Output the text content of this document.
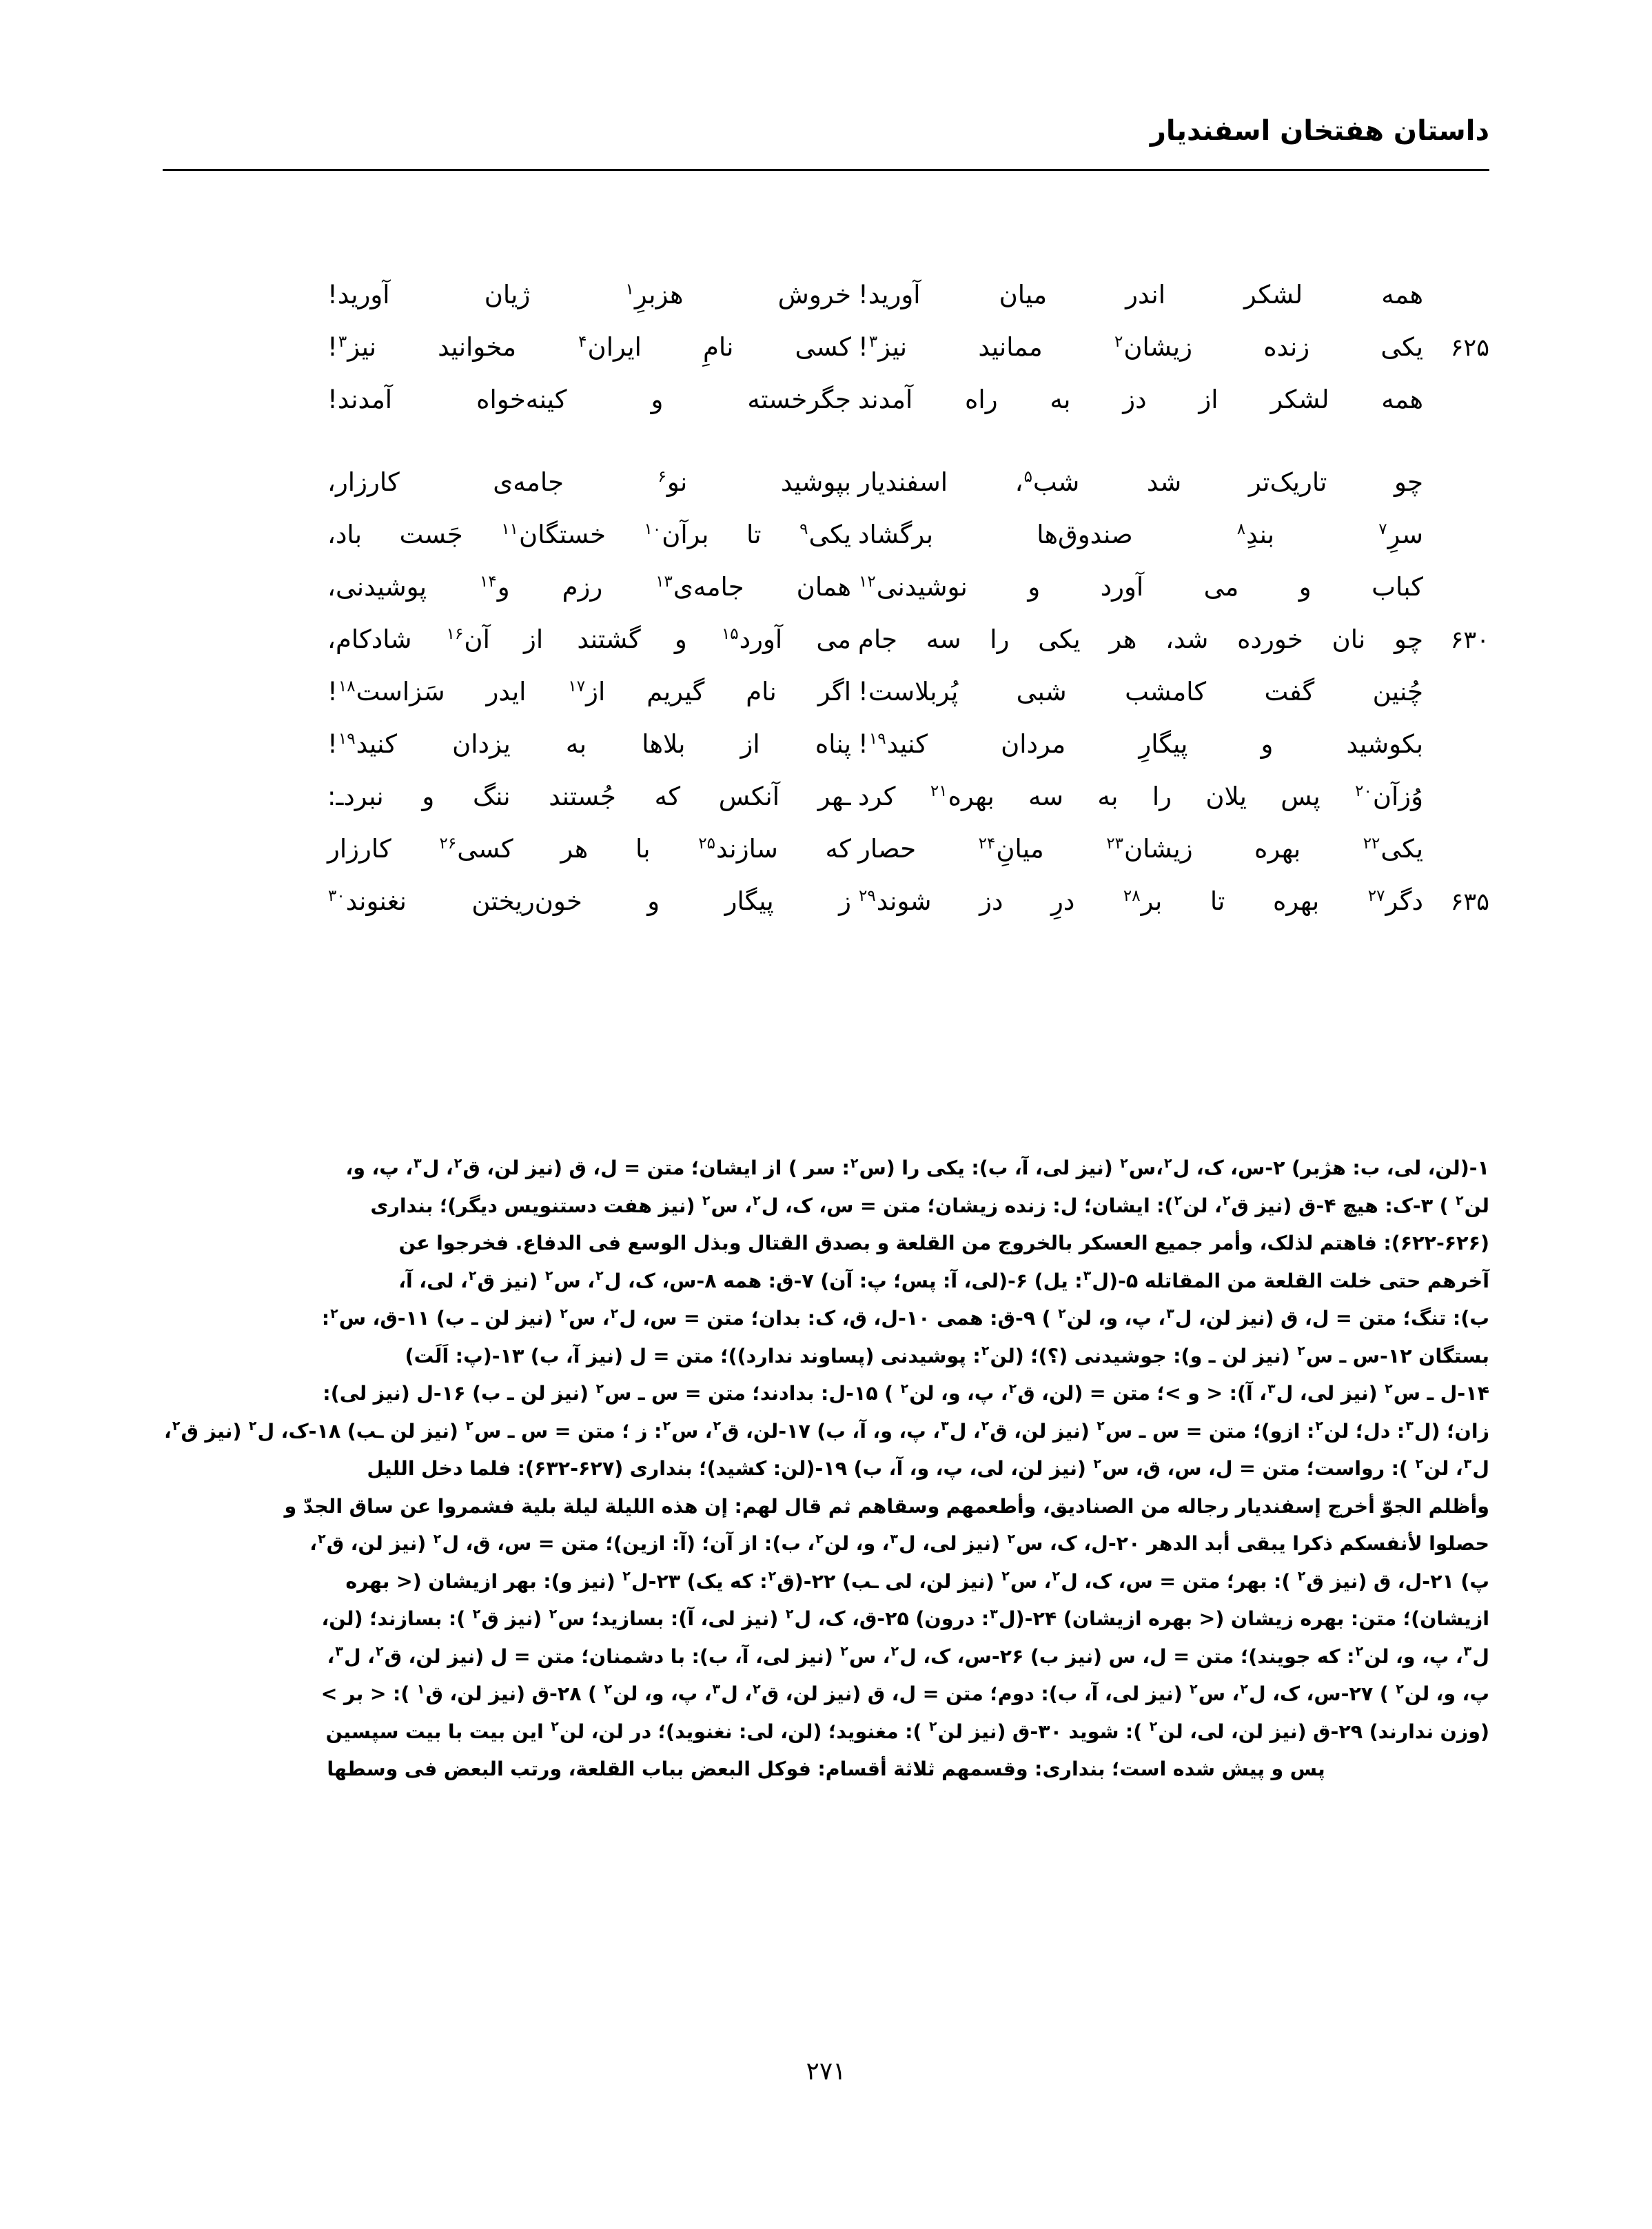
داستان هفتخان اسفندیار
همه لشکر اندر میان آورید!
خروش هزبرِ$^۱$ ژیان آورید!
۶۲۵
یکی زنده زیشان$^۲$ ممانید نیز$^۳$!
کسی نامِ ایران$^۴$ مخوانید نیز$^۳$!
همه لشکر از دز به راه آمدند
جگرخسته و کینه‌خواه آمدند!
چو تاریک‌تر شد شب$^۵$، اسفندیار
بپوشید نو$^۶$ جامه‌ی کارزار،
سرِ$^۷$ بندِ$^۸$ صندوق‌ها برگشاد
یکی$^۹$ تا برآن$^{۱۰}$ خستگان$^{۱۱}$ جَست باد،
کباب و می آورد و نوشیدنی$^{۱۲}$
همان جامه‌ی$^{۱۳}$ رزم و$^{۱۴}$ پوشیدنی،
۶۳۰
چو نان خورده شد، هر یکی را سه جام
می آورد$^{۱۵}$ و گشتند از آن$^{۱۶}$ شادکام،
چُنین گفت کامشب شبی پُربلاست!
اگر نام گیریم از$^{۱۷}$ ایدر سَزاست$^{۱۸}$!
بکوشید و پیگارِ مردان کنید$^{۱۹}$!
پناه از بلاها به یزدان کنید$^{۱۹}$!
وُزآن$^{۲۰}$ پس یلان را به سه بهره$^{۲۱}$ کرد
ـهر آنکس که جُستند ننگ و نبردـ:
یکی$^{۲۲}$ بهره زیشان$^{۲۳}$ میانِ$^{۲۴}$ حصار
که سازند$^{۲۵}$ با هر کسی$^{۲۶}$ کارزار
۶۳۵
دگر$^{۲۷}$ بهره تا بر$^{۲۸}$ درِ دز شوند$^{۲۹}$
ز پیگار و خون‌ریختن نغنوند$^{۳۰}$
۱-(لن، لی، ب: هژبر) ۲-س، ک، ل$^۲$،س$^۲$ (نیز لی، آ، ب): یکی را (س$^۲$: سر ) از ایشان؛ متن = ل، ق (نیز لن، ق$^۲$، ل$^۳$، پ، و،
لن$^۲$ ) ۳-ک: هیچ ۴-ق (نیز ق$^۲$، لن$^۲$): ایشان؛ ل: زنده زیشان؛ متن = س، ک، ل$^۲$، س$^۲$ (نیز هفت دستنویس دیگر)؛ بنداری
(۶۲۲-۶۲۶): فاهتم لذلک، وأمر جمیع العسکر بالخروج من القلعة و بصدق القتال وبذل الوسع فی الدفاع. فخرجوا عن
آخرهم حتی خلت القلعة من المقاتله ۵-(ل$^۳$: یل) ۶-(لی، آ: پس؛ پ: آن) ۷-ق: همه ۸-س، ک، ل$^۲$، س$^۲$ (نیز ق$^۲$، لی، آ،
ب): تنگ؛ متن = ل، ق (نیز لن، ل$^۳$، پ، و، لن$^۲$ ) ۹-ق: همی ۱۰-ل، ق، ک: بدان؛ متن = س، ل$^۲$، س$^۲$ (نیز لن ـ ب) ۱۱-ق، س$^۲$:
بستگان ۱۲-س ـ س$^۲$ (نیز لن ـ و): جوشیدنی (؟)؛ (لن$^۲$: پوشیدنی (پساوند ندارد))؛ متن = ل (نیز آ، ب) ۱۳-(پ: اَلَت)
۱۴-ل ـ س$^۲$ (نیز لی، ل$^۳$، آ): < و >؛ متن = (لن، ق$^۲$، پ، و، لن$^۲$ ) ۱۵-ل: بدادند؛ متن = س ـ س$^۲$ (نیز لن ـ ب) ۱۶-ل (نیز لی):
زان؛ (ل$^۳$: دل؛ لن$^۲$: ازو)؛ متن = س ـ س$^۲$ (نیز لن، ق$^۲$، ل$^۳$، پ، و، آ، ب) ۱۷-لن، ق$^۲$، س$^۲$: ز ؛ متن = س ـ س$^۲$ (نیز لن ـب) ۱۸-ک، ل$^۲$ (نیز ق$^۲$،
ل$^۳$، لن$^۲$ ): رواست؛ متن = ل، س، ق، س$^۲$ (نیز لن، لی، پ، و، آ، ب) ۱۹-(لن: کشید)؛ بنداری (۶۲۷-۶۳۲): فلما دخل اللیل
وأظلم الجوّ أخرج إسفندیار رجاله من الصنادیق، وأطعمهم وسقاهم ثم قال لهم: إن هذه اللیلة لیلة بلیة فشمروا عن ساق الجدّ و
حصلوا لأنفسکم ذکرا یبقی أبد الدهر ۲۰-ل، ک، س$^۲$ (نیز لی، ل$^۳$، و، لن$^۲$، ب): از آن؛ (آ: ازین)؛ متن = س، ق، ل$^۲$ (نیز لن، ق$^۲$،
پ) ۲۱-ل، ق (نیز ق$^۲$ ): بهر؛ متن = س، ک، ل$^۲$، س$^۲$ (نیز لن، لی ـب) ۲۲-(ق$^۲$: که یک) ۲۳-ل$^۲$ (نیز و): بهر ازیشان (< بهره
ازیشان)؛ متن: بهره زیشان (< بهره ازیشان) ۲۴-(ل$^۳$: درون) ۲۵-ق، ک، ل$^۲$ (نیز لی، آ): بسازید؛ س$^۲$ (نیز ق$^۲$ ): بسازند؛ (لن،
ل$^۳$، پ، و، لن$^۲$: که جویند)؛ متن = ل، س (نیز ب) ۲۶-س، ک، ل$^۲$، س$^۲$ (نیز لی، آ، ب): با دشمنان؛ متن = ل (نیز لن، ق$^۲$، ل$^۳$،
پ، و، لن$^۲$ ) ۲۷-س، ک، ل$^۲$، س$^۲$ (نیز لی، آ، ب): دوم؛ متن = ل، ق (نیز لن، ق$^۲$، ل$^۳$، پ، و، لن$^۲$ ) ۲۸-ق (نیز لن، ق$^۱$ ): < بر >
(وزن ندارند) ۲۹-ق (نیز لن، لی، لن$^۲$ ): شوید ۳۰-ق (نیز لن$^۲$ ): مغنوید؛ (لن، لی: نغنوید)؛ در لن، لن$^۲$ این بیت با بیت سپسین
پس و پیش شده است؛ بنداری: وقسمهم ثلاثة أقسام: فوکل البعض بباب القلعة، ورتب البعض فی وسطها
۲۷۱
